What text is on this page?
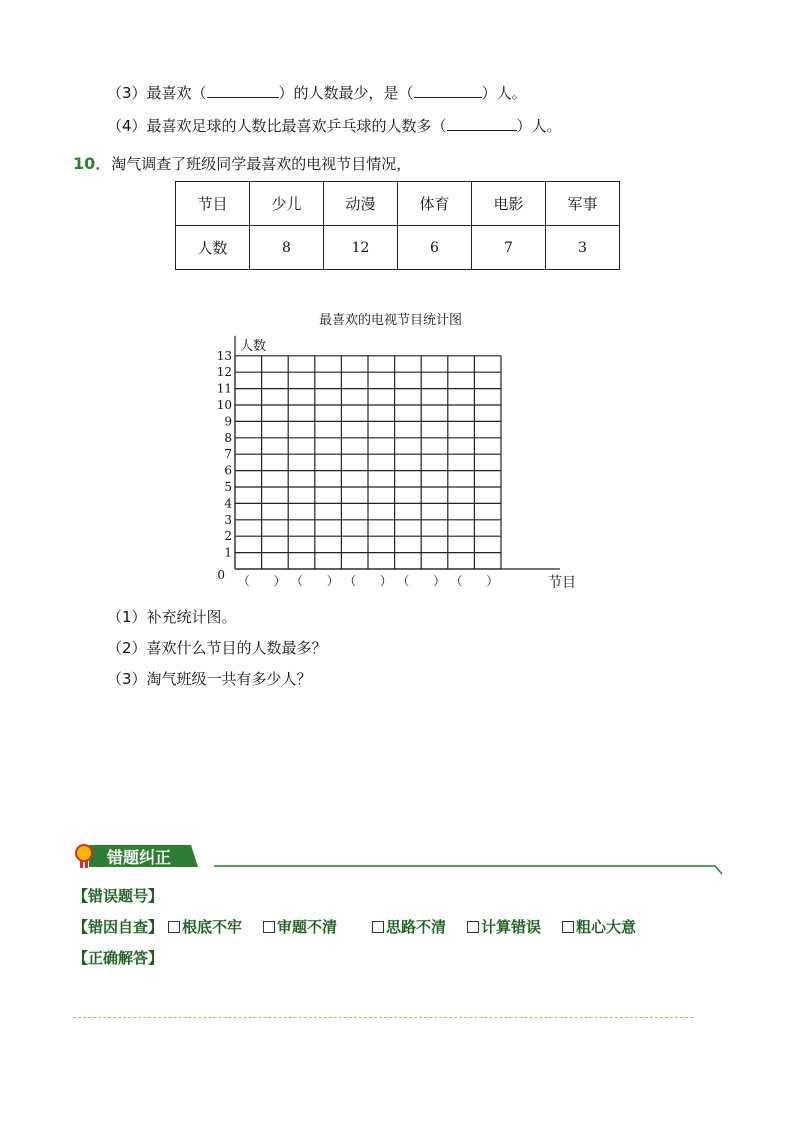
（3）最喜欢（	）的人数最少，是（	）人。
（4）最喜欢足球的人数比最喜欢乒乓球的人数多（	）人。
10．淘气调查了班级同学最喜欢的电视节目情况，
节目	少儿	动漫	体育	电影	军事
人数	8	12	6	7	3
最喜欢的电视节目统计图
0
1
2
3
4
5
6
7
8
9
10
11
12
13
人数
节目
（　　） （　　） （　　） （　　） （　　）
（1）补充统计图。
（2）喜欢什么节目的人数最多？
（3）淘气班级一共有多少人？
错题纠正
【错误题号】
【错因自查】	根底不牢	审题不清	思路不清	计算错误	粗心大意
【正确解答】
